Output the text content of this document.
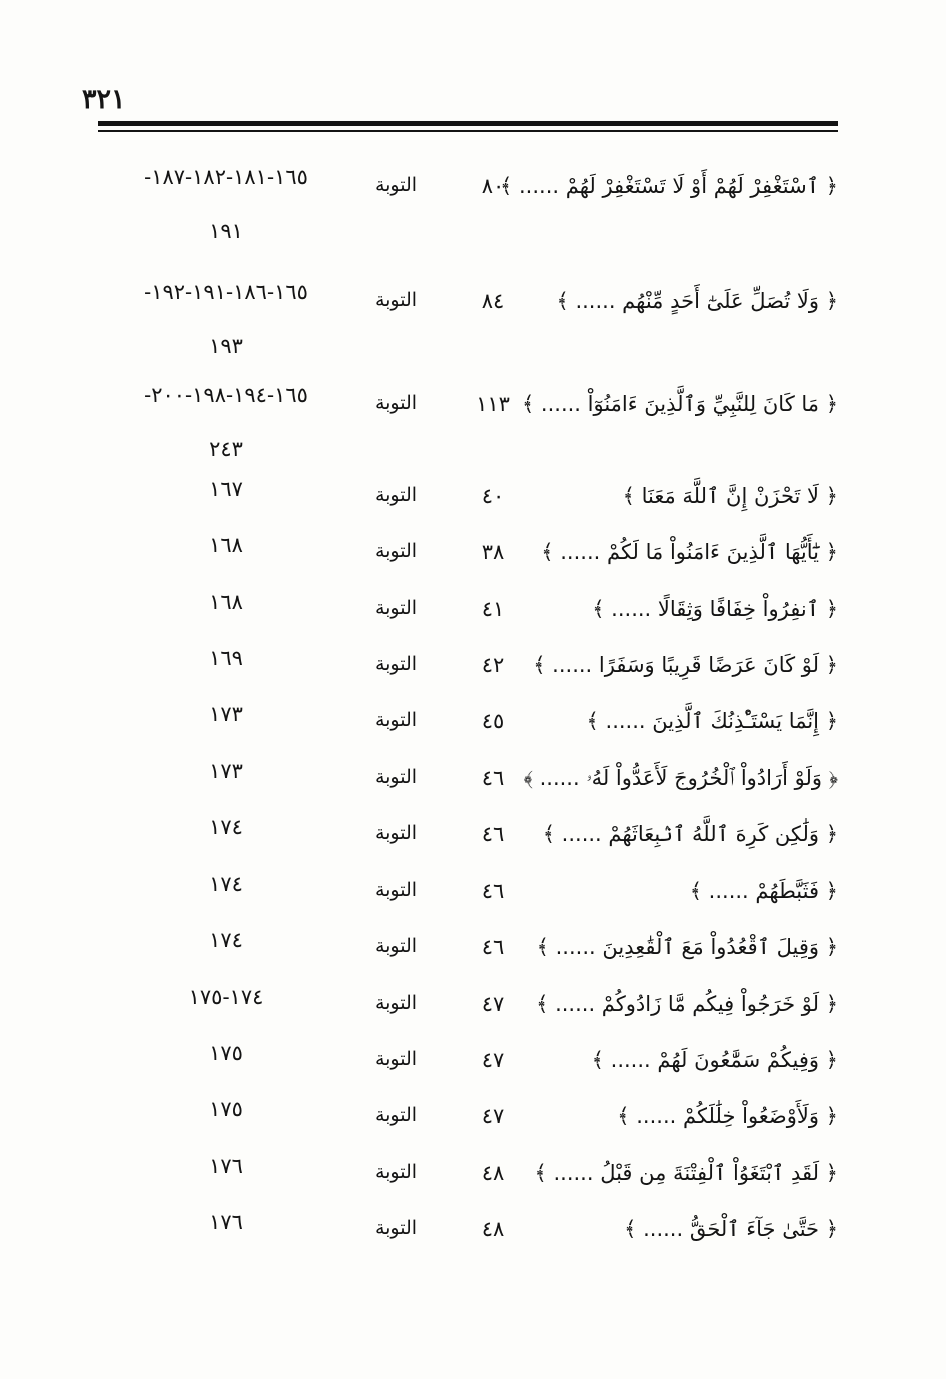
٣٢١
﴿ ٱسْتَغْفِرْ لَهُمْ أَوْ لَا تَسْتَغْفِرْ لَهُمْ ...... ﴾
٨٠
التوبة
١٦٥-١٨١-١٨٢-١٨٧-
١٩١
﴿ وَلَا تُصَلِّ عَلَىٰٓ أَحَدٍ مِّنْهُم ...... ﴾
٨٤
التوبة
١٦٥-١٨٦-١٩١-١٩٢-
١٩٣
﴿ مَا كَانَ لِلنَّبِيِّ وَٱلَّذِينَ ءَامَنُوٓاْ ...... ﴾
١١٣
التوبة
١٦٥-١٩٤-١٩٨-٢٠٠-
٢٤٣
﴿ لَا تَحْزَنْ إِنَّ ٱللَّهَ مَعَنَا ﴾
٤٠
التوبة
١٦٧
﴿ يَٰٓأَيُّهَا ٱلَّذِينَ ءَامَنُواْ مَا لَكُمْ ...... ﴾
٣٨
التوبة
١٦٨
﴿ ٱنفِرُواْ خِفَافًا وَثِقَالًا ...... ﴾
٤١
التوبة
١٦٨
﴿ لَوْ كَانَ عَرَضًا قَرِيبًا وَسَفَرًا ...... ﴾
٤٢
التوبة
١٦٩
﴿ إِنَّمَا يَسْتَـْٔذِنُكَ ٱلَّذِينَ ...... ﴾
٤٥
التوبة
١٧٣
﴿ وَلَوْ أَرَادُواْ ٱلْخُرُوجَ لَأَعَدُّواْ لَهُۥ ...... ﴾
٤٦
التوبة
١٧٣
﴿ وَلَٰكِن كَرِهَ ٱللَّهُ ٱنۢبِعَاثَهُمْ ...... ﴾
٤٦
التوبة
١٧٤
﴿ فَثَبَّطَهُمْ ...... ﴾
٤٦
التوبة
١٧٤
﴿ وَقِيلَ ٱقْعُدُواْ مَعَ ٱلْقَٰعِدِينَ ...... ﴾
٤٦
التوبة
١٧٤
﴿ لَوْ خَرَجُواْ فِيكُم مَّا زَادُوكُمْ ...... ﴾
٤٧
التوبة
١٧٤-١٧٥
﴿ وَفِيكُمْ سَمَّٰعُونَ لَهُمْ ...... ﴾
٤٧
التوبة
١٧٥
﴿ وَلَأَوْضَعُواْ خِلَٰلَكُمْ ...... ﴾
٤٧
التوبة
١٧٥
﴿ لَقَدِ ٱبْتَغَوُاْ ٱلْفِتْنَةَ مِن قَبْلُ ...... ﴾
٤٨
التوبة
١٧٦
﴿ حَتَّىٰ جَآءَ ٱلْحَقُّ ...... ﴾
٤٨
التوبة
١٧٦
